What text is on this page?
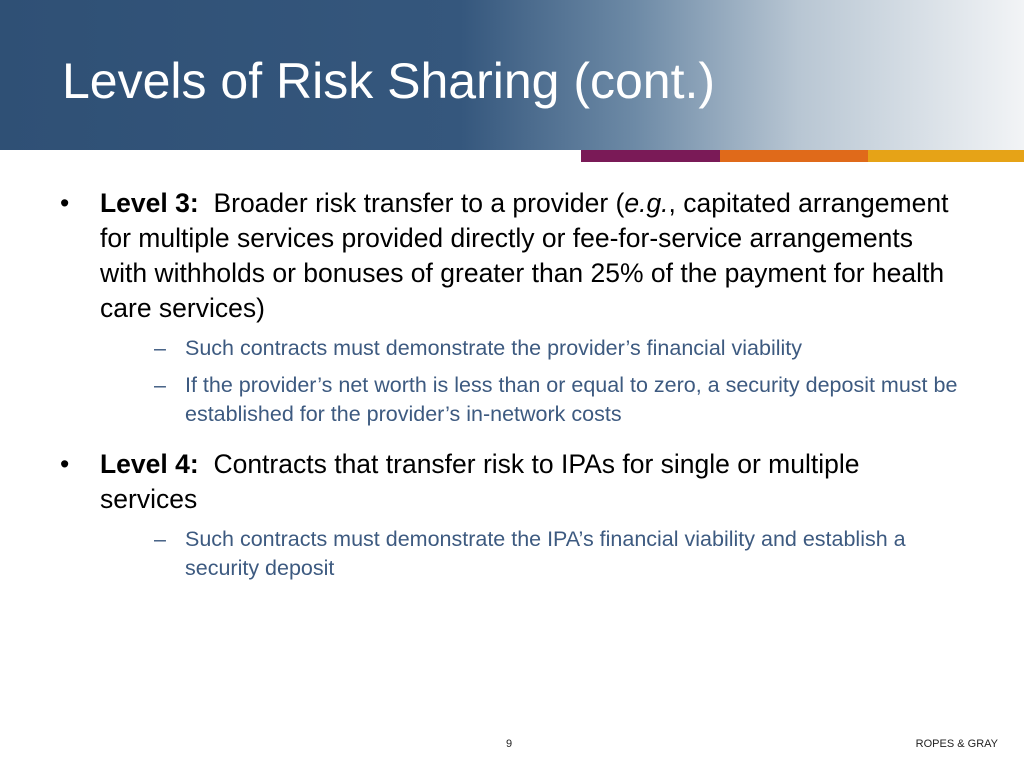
Levels of Risk Sharing (cont.)
• Level 3: Broader risk transfer to a provider (e.g., capitated arrangement for multiple services provided directly or fee-for-service arrangements with withholds or bonuses of greater than 25% of the payment for health care services)
– Such contracts must demonstrate the provider’s financial viability
– If the provider’s net worth is less than or equal to zero, a security deposit must be established for the provider’s in-network costs
• Level 4: Contracts that transfer risk to IPAs for single or multiple services
– Such contracts must demonstrate the IPA’s financial viability and establish a security deposit
9	ROPES & GRAY
